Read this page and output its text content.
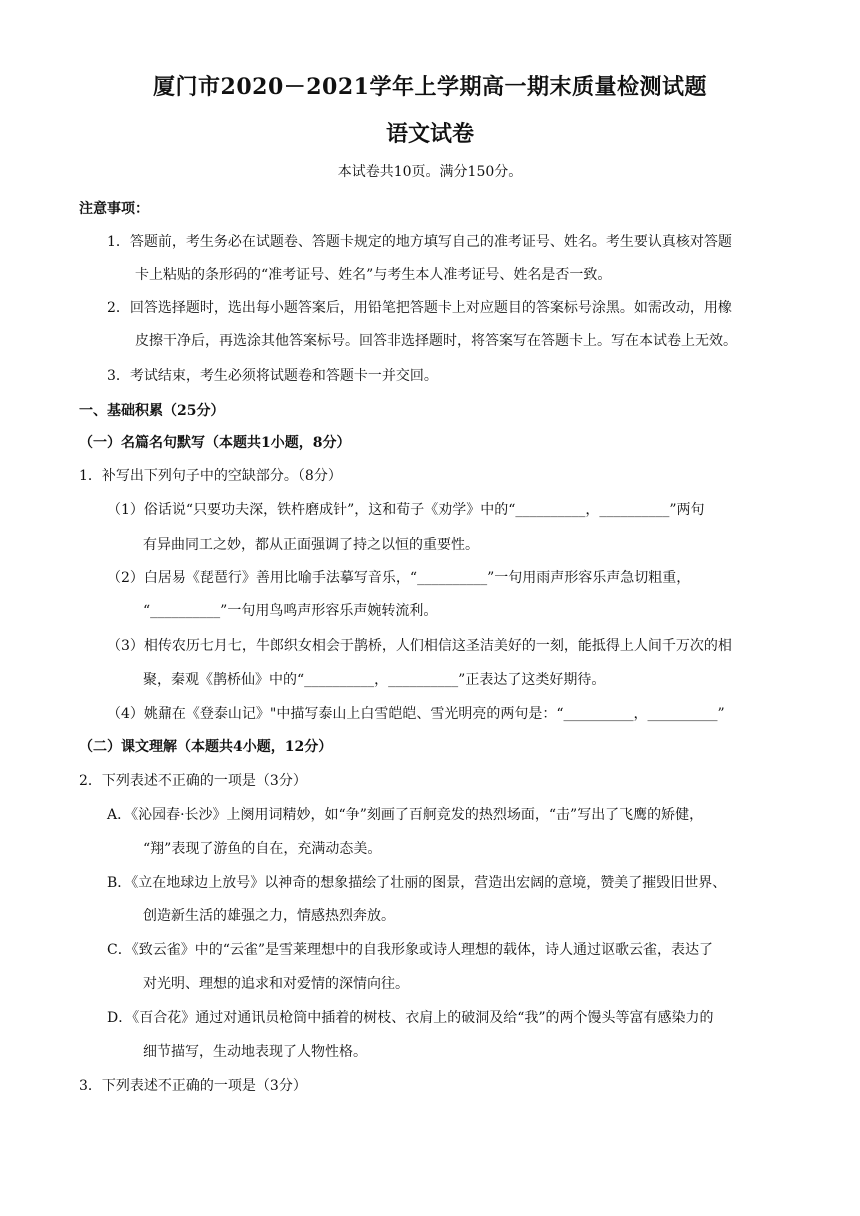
厦门市2020－2021学年上学期高一期末质量检测试题
语文试卷
本试卷共10页。满分150分。
注意事项：
1．答题前，考生务必在试题卷、答题卡规定的地方填写自己的准考证号、姓名。考生要认真核对答题
卡上粘贴的条形码的“准考证号、姓名”与考生本人准考证号、姓名是否一致。
2．回答选择题时，选出每小题答案后，用铅笔把答题卡上对应题目的答案标号涂黑。如需改动，用橡
皮擦干净后，再选涂其他答案标号。回答非选择题时，将答案写在答题卡上。写在本试卷上无效。
3．考试结束，考生必须将试题卷和答题卡一并交回。
一、基础积累（25分）
（一）名篇名句默写（本题共1小题，8分）
1．补写出下列句子中的空缺部分。（8分）
（1）俗话说“只要功夫深，铁杵磨成针”，这和荀子《劝学》中的“__________，__________”两句
有异曲同工之妙，都从正面强调了持之以恒的重要性。
（2）白居易《琵琶行》善用比喻手法摹写音乐，“__________”一句用雨声形容乐声急切粗重，
“__________”一句用鸟鸣声形容乐声婉转流利。
（3）相传农历七月七，牛郎织女相会于鹊桥，人们相信这圣洁美好的一刻，能抵得上人间千万次的相
聚，秦观《鹊桥仙》中的“__________，__________”正表达了这类好期待。
（4）姚鼐在《登泰山记》"中描写泰山上白雪皑皑、雪光明亮的两句是：“__________，__________”
（二）课文理解（本题共4小题，12分）
2．下列表述不正确的一项是（3分）
A．《沁园春·长沙》上阕用词精妙，如“争”刻画了百舸竞发的热烈场面，“击”写出了飞鹰的矫健，
“翔”表现了游鱼的自在，充满动态美。
B．《立在地球边上放号》以神奇的想象描绘了壮丽的图景，营造出宏阔的意境，赞美了摧毁旧世界、
创造新生活的雄强之力，情感热烈奔放。
C．《致云雀》中的“云雀”是雪莱理想中的自我形象或诗人理想的载体，诗人通过讴歌云雀，表达了
对光明、理想的追求和对爱情的深情向往。
D．《百合花》通过对通讯员枪筒中插着的树枝、衣肩上的破洞及给“我”的两个馒头等富有感染力的
细节描写，生动地表现了人物性格。
3．下列表述不正确的一项是（3分）
